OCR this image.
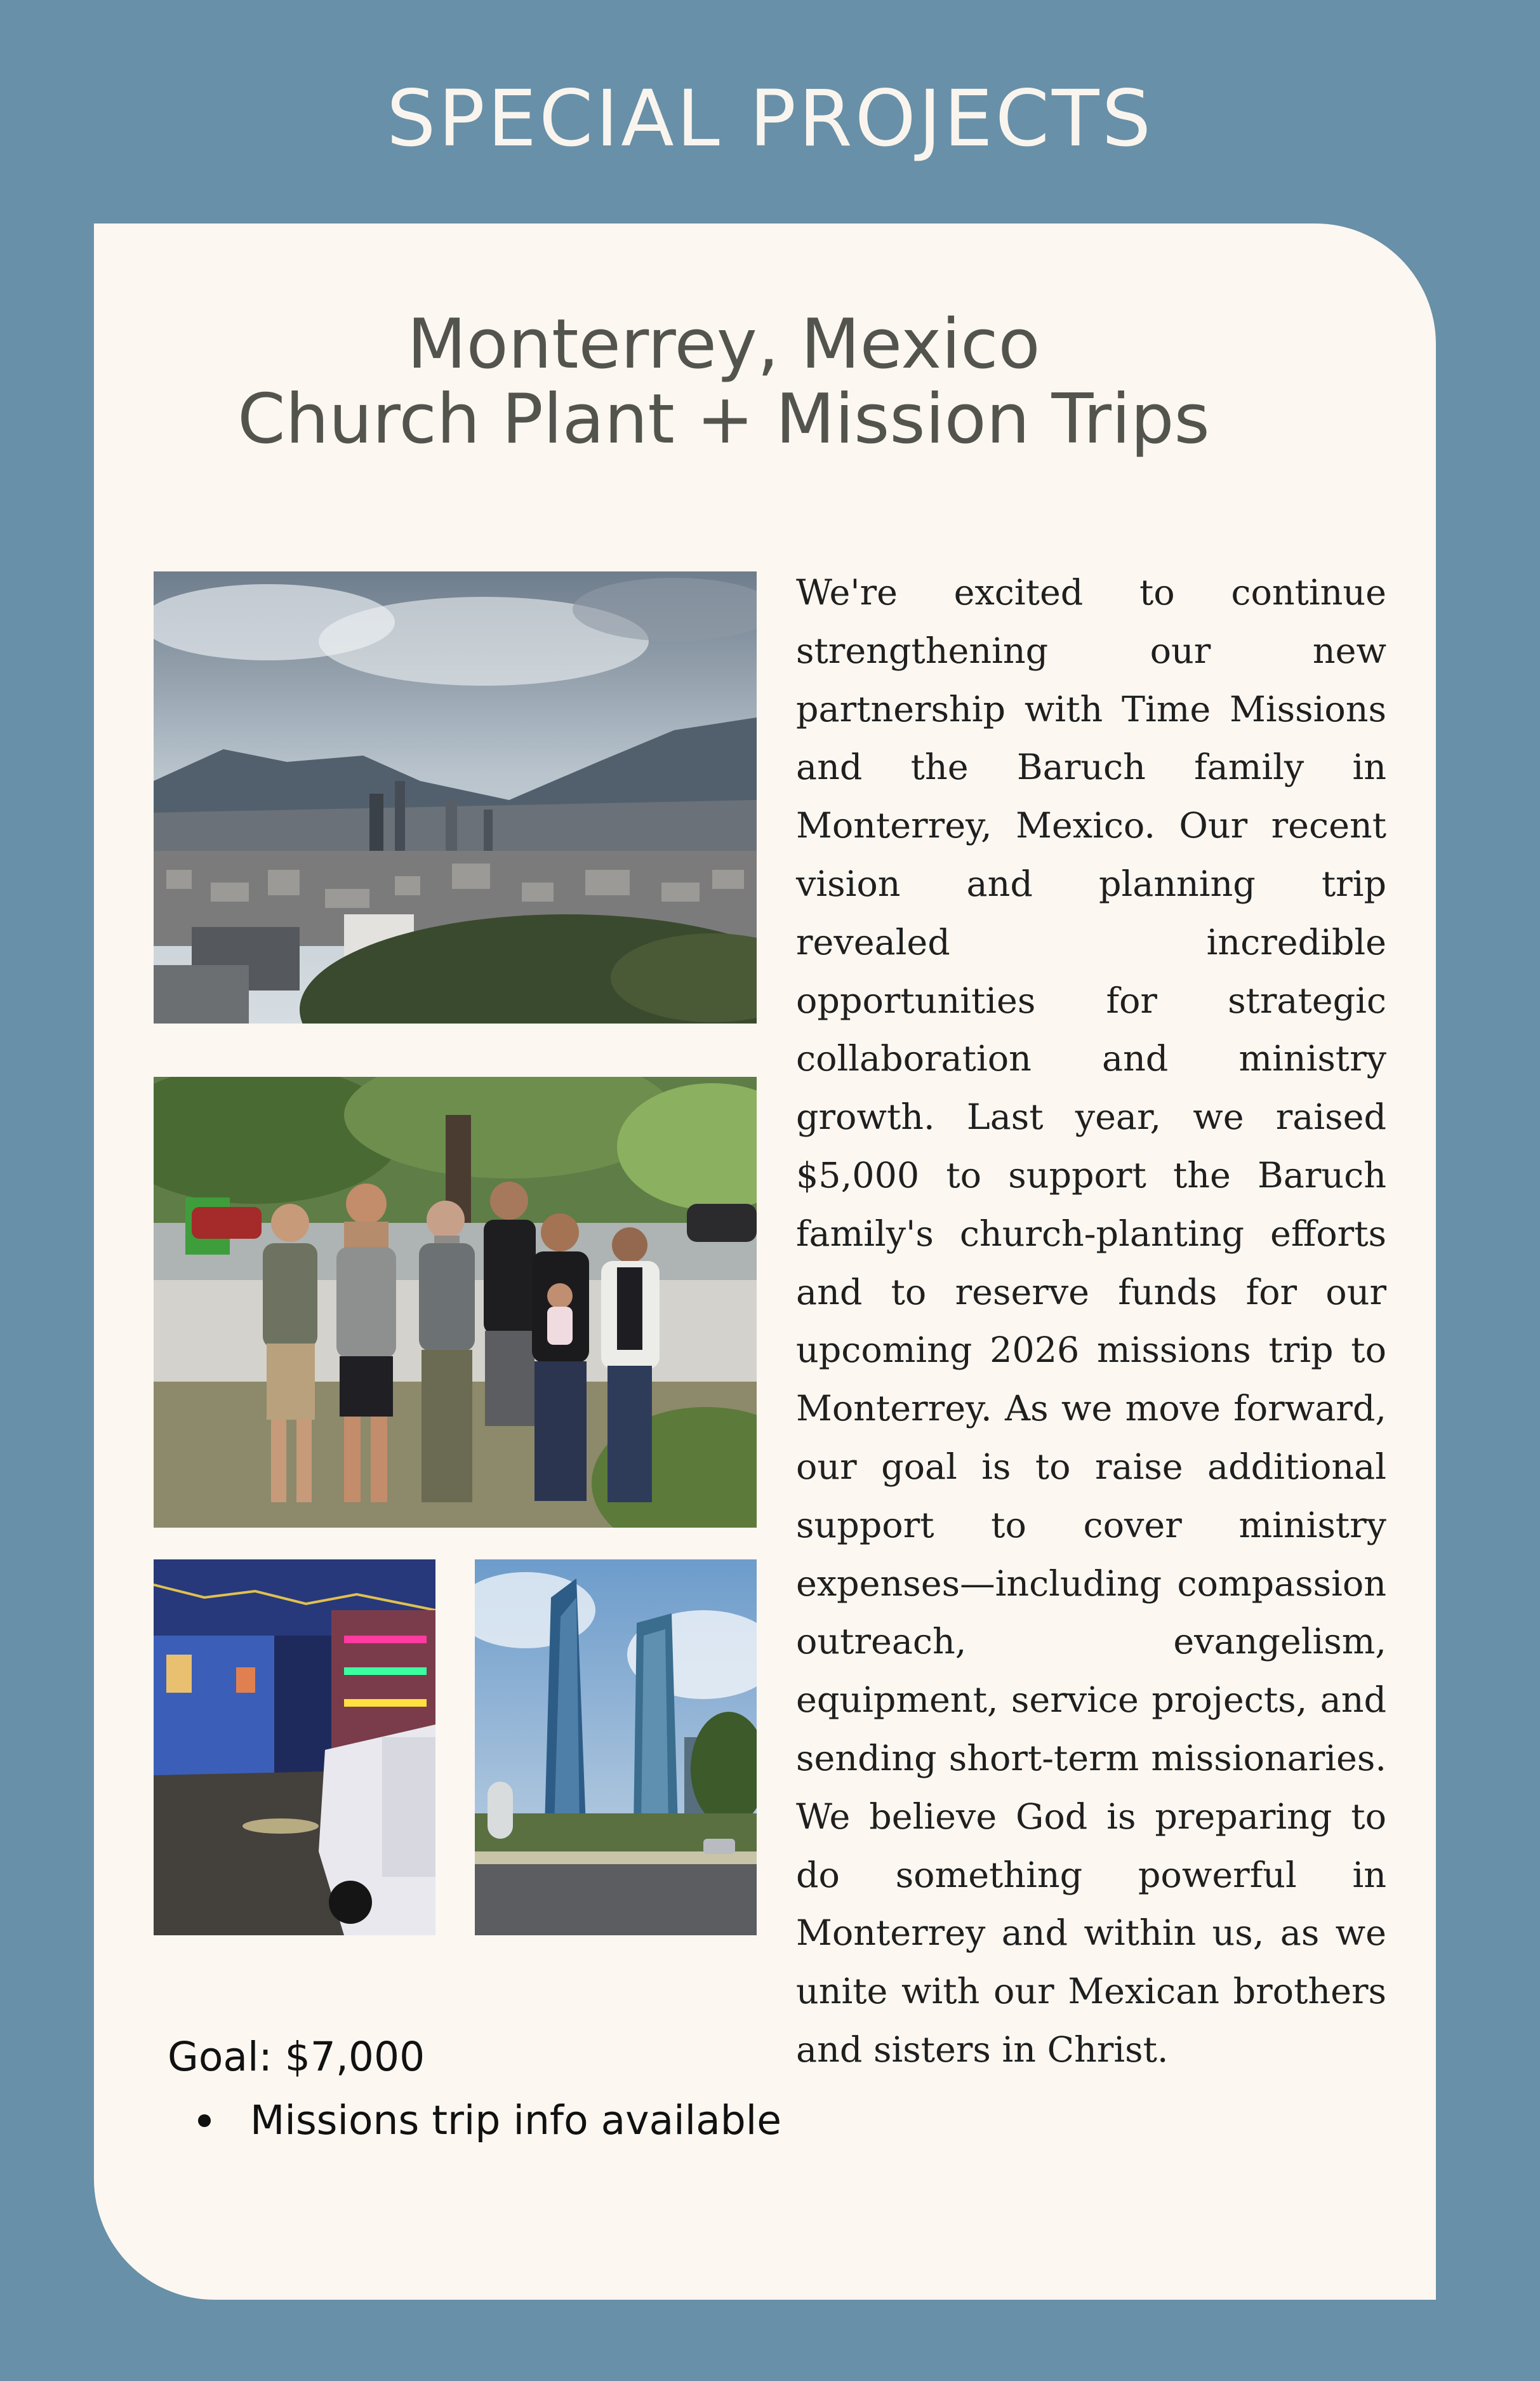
SPECIAL PROJECTS
Monterrey, Mexico
Church Plant + Mission Trips

We're excited to continue strengthening our new partnership with Time Missions and the Baruch family in Monterrey, Mexico. Our recent vision and planning trip revealed incredible opportunities for strategic collaboration and ministry growth. Last year, we raised $5,000 to support the Baruch family's church-planting efforts and to reserve funds for our upcoming 2026 missions trip to Monterrey. As we move forward, our goal is to raise additional support to cover ministry expenses—including compassion outreach, evangelism, equipment, service projects, and sending short-term missionaries. We believe God is preparing to do something powerful in Monterrey and within us, as we unite with our Mexican brothers and sisters in Christ.

Goal: $7,000
Missions trip info available
